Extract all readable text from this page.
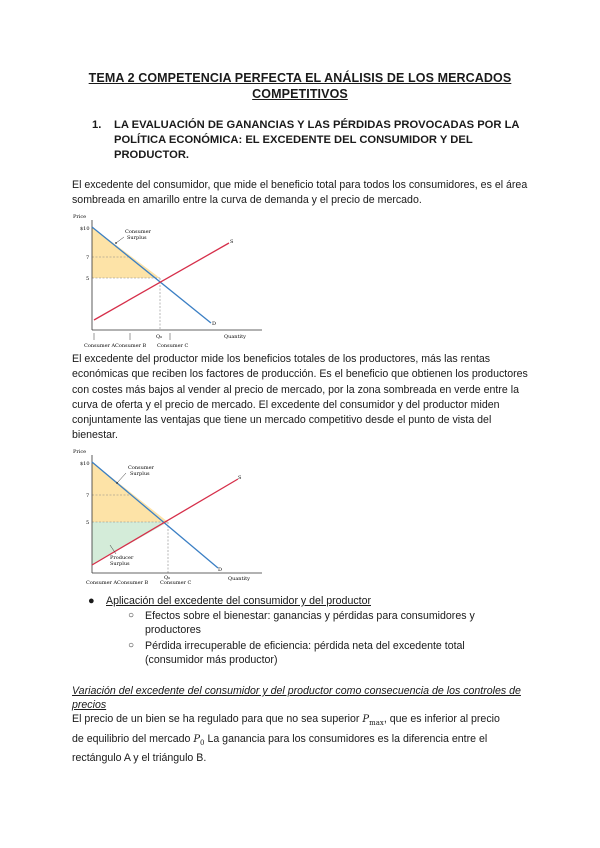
TEMA 2 COMPETENCIA PERFECTA EL ANÁLISIS DE LOS MERCADOS COMPETITIVOS
1. LA EVALUACIÓN DE GANANCIAS Y LAS PÉRDIDAS PROVOCADAS POR LA POLÍTICA ECONÓMICA: EL EXCEDENTE DEL CONSUMIDOR Y DEL PRODUCTOR.
El excedente del consumidor, que mide el beneficio total para todos los consumidores, es el área sombreada en amarillo entre la curva de demanda y el precio de mercado.
Price
$10
7
5
S
D
Consumer
Surplus
Quantity
Q₀
Consumer A Consumer B Consumer C
El excedente del productor mide los beneficios totales de los productores, más las rentas económicas que reciben los factores de producción. Es el beneficio que obtienen los productores con costes más bajos al vender al precio de mercado, por la zona sombreada en verde entre la curva de oferta y el precio de mercado. El excedente del consumidor y del productor miden conjuntamente las ventajas que tiene un mercado competitivo desde el punto de vista del bienestar.
Price
$10
7
5
S
D
Consumer
Surplus
Producer
Surplus
Quantity
Q₀
Consumer A Consumer B Consumer C
● Aplicación del excedente del consumidor y del productor
○ Efectos sobre el bienestar: ganancias y pérdidas para consumidores y productores
○ Pérdida irrecuperable de eficiencia: pérdida neta del excedente total (consumidor más productor)
Variación del excedente del consumidor y del productor como consecuencia de los controles de precios
El precio de un bien se ha regulado para que no sea superior $P_{max}$, que es inferior al precio
de equilibrio del mercado $P_0$ La ganancia para los consumidores es la diferencia entre el
rectángulo A y el triángulo B.
